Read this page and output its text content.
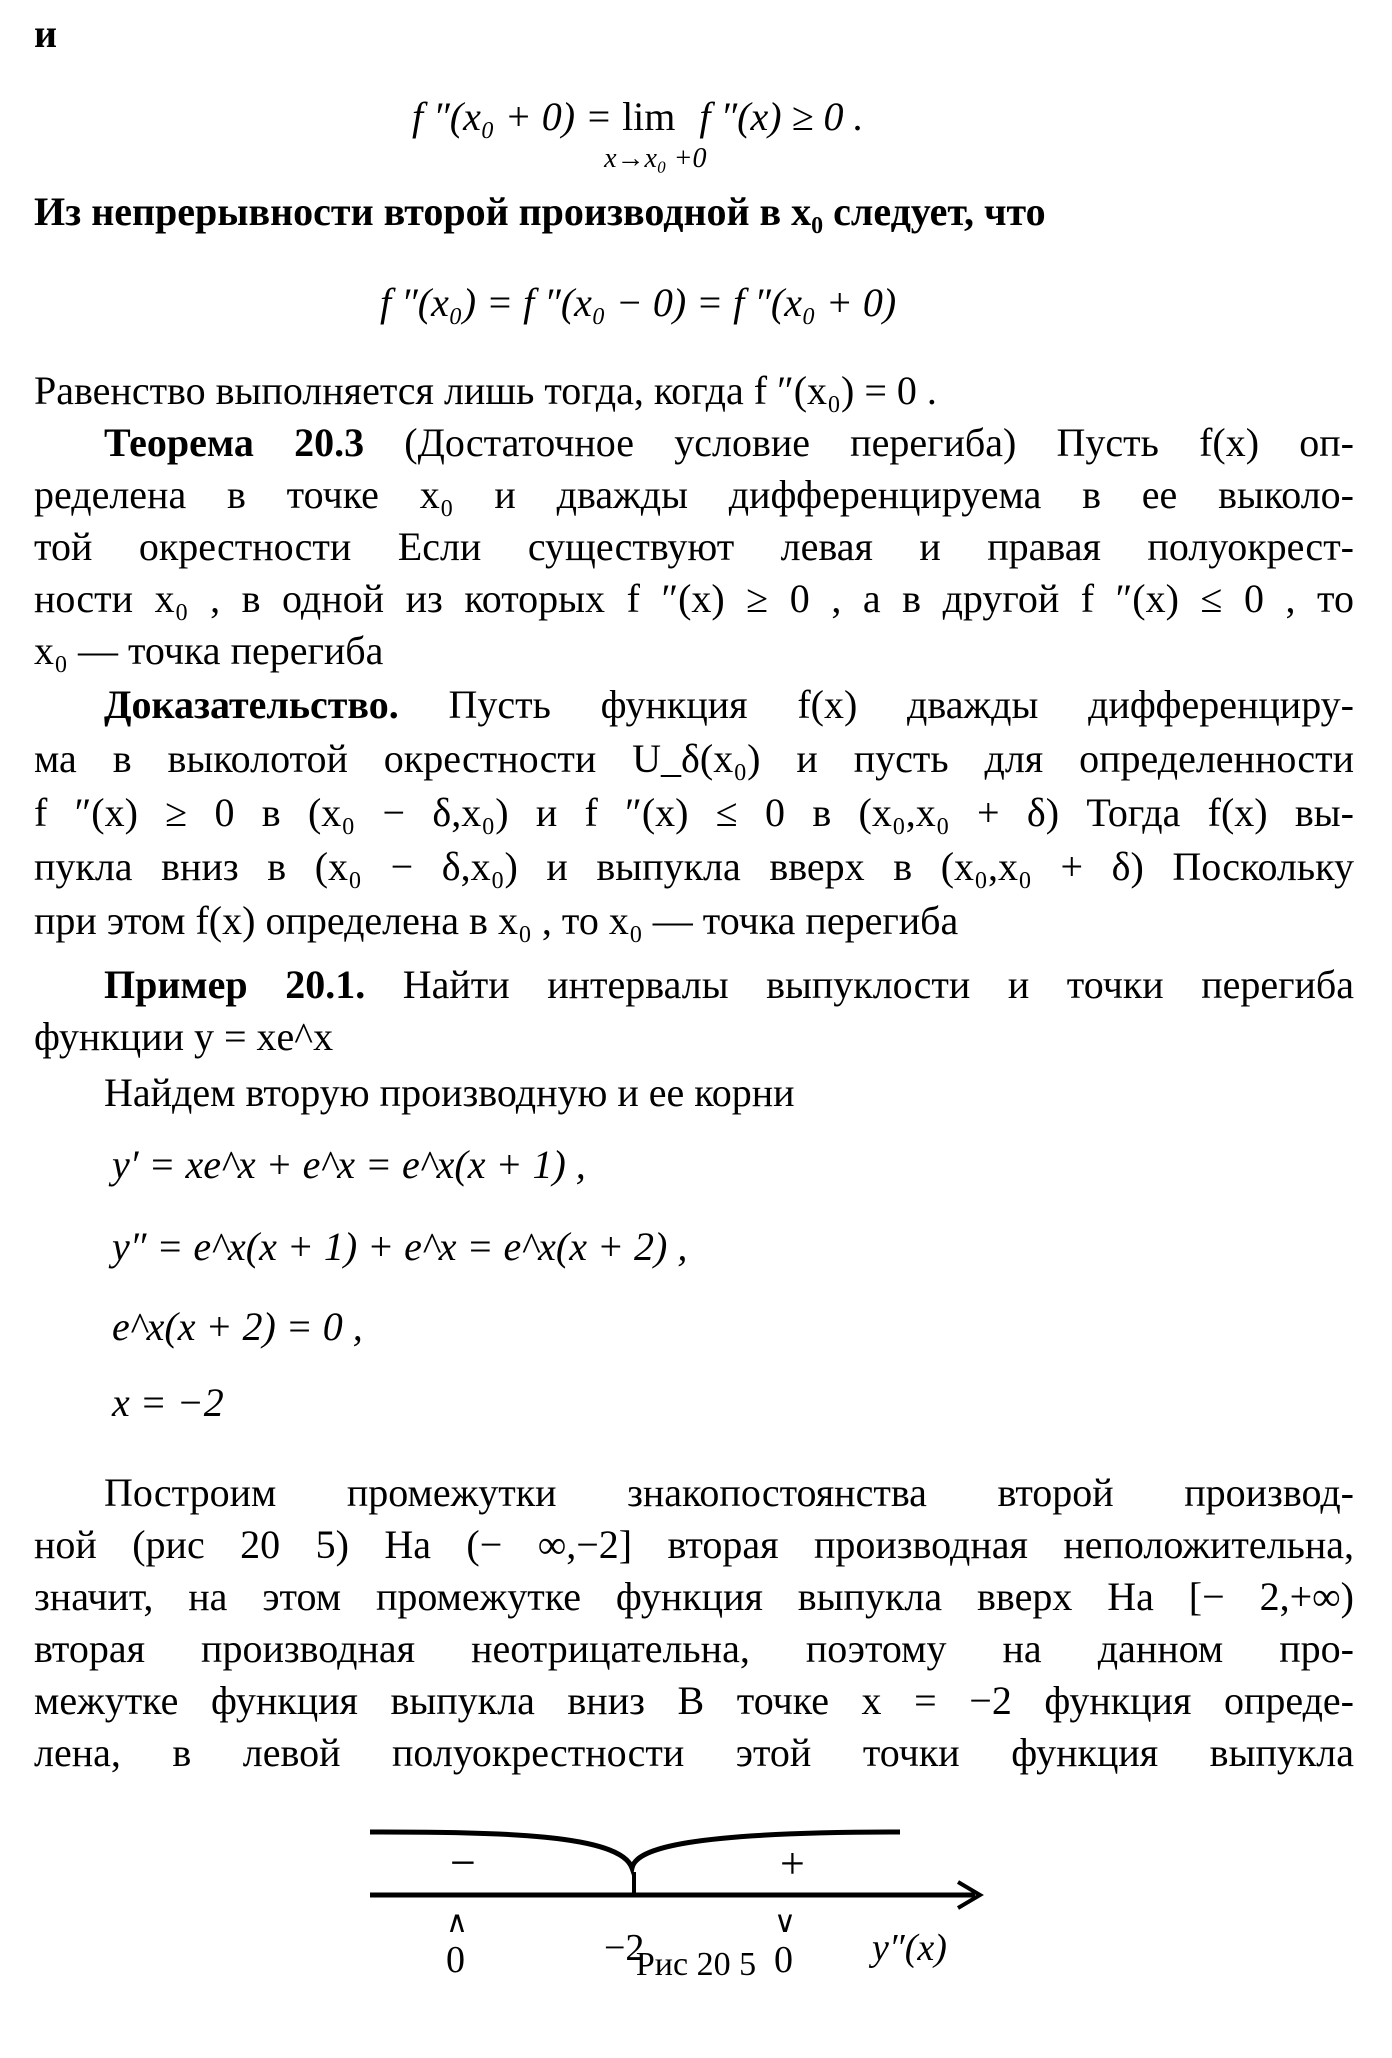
и
f ″(x₀ + 0) = lim
x→x₀ +0
f ″(x) ≥ 0 .
Из непрерывности второй производной в x₀ следует, что
f ″(x₀) = f ″(x₀ − 0) = f ″(x₀ + 0)
Равенство выполняется лишь тогда, когда f ″(x₀) = 0 .
Теорема 20.3 (Достаточное условие перегиба) Пусть f(x) оп-
ределена в точке x₀ и дважды дифференцируема в ее выколо-
той окрестности Если существуют левая и правая полуокрест-
ности x₀ , в одной из которых f ″(x) ≥ 0 , а в другой f ″(x) ≤ 0 , то
x₀ — точка перегиба
Доказательство. Пусть функция f(x) дважды дифференциру-
ма в выколотой окрестности U_δ(x₀) и пусть для определенности
f ″(x) ≥ 0 в (x₀ − δ,x₀) и f ″(x) ≤ 0 в (x₀,x₀ + δ) Тогда f(x) вы-
пукла вниз в (x₀ − δ,x₀) и выпукла вверх в (x₀,x₀ + δ) Поскольку
при этом f(x) определена в x₀ , то x₀ — точка перегиба
Пример 20.1. Найти интервалы выпуклости и точки перегиба
функции y = xe^x
Найдем вторую производную и ее корни
y′ = xe^x + e^x = e^x(x + 1) ,
y″ = e^x(x + 1) + e^x = e^x(x + 2) ,
e^x(x + 2) = 0 ,
x = −2
Построим промежутки знакопостоянства второй производ-
ной (рис 20 5) На (− ∞,−2] вторая производная неположительна,
значит, на этом промежутке функция выпукла вверх На [− 2,+∞)
вторая производная неотрицательна, поэтому на данном про-
межутке функция выпукла вниз В точке x = −2 функция опреде-
лена, в левой полуокрестности этой точки функция выпукла
−	+
∧	∨
0	−2	0 y″(x)
Рис 20 5
